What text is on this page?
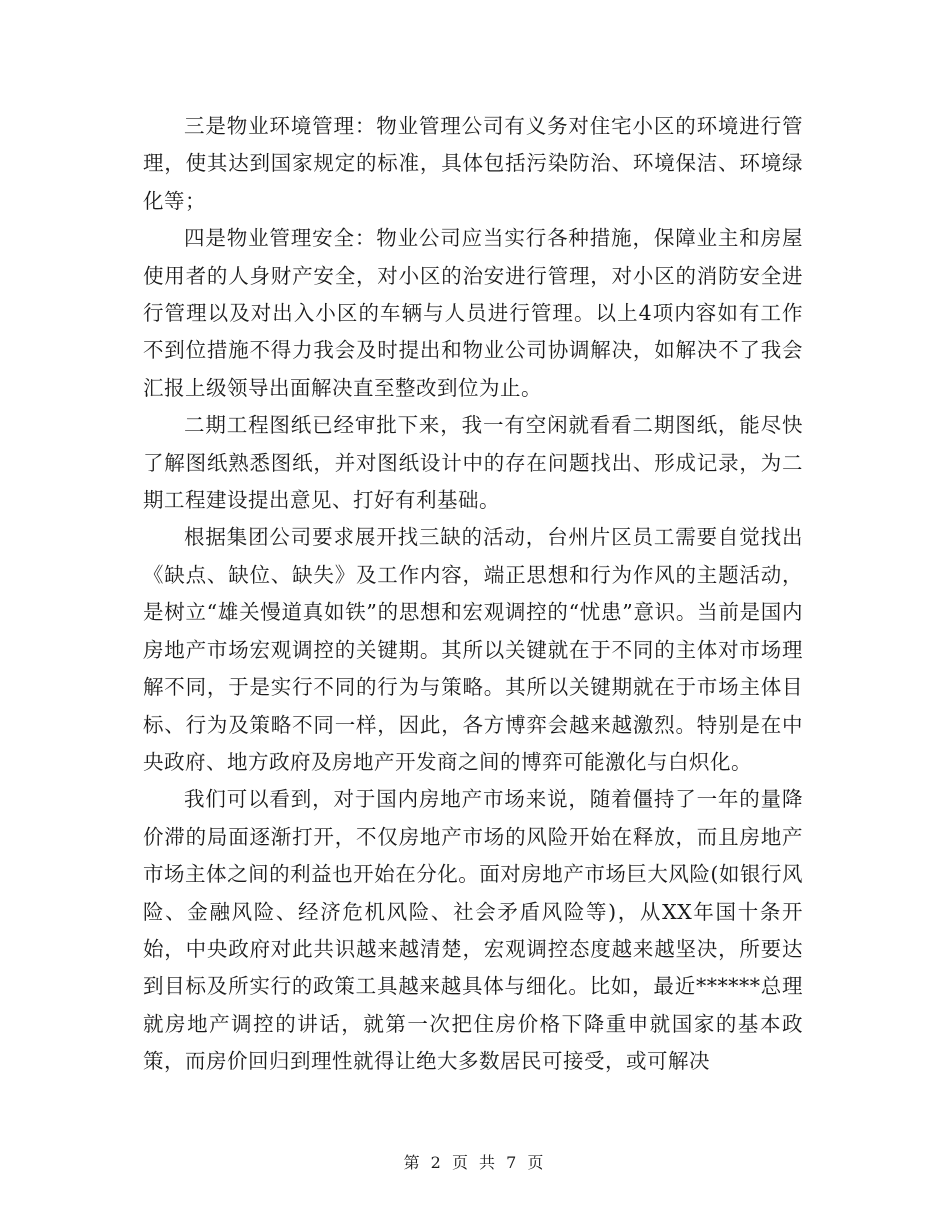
三是物业环境管理：物业管理公司有义务对住宅小区的环境进行管理，使其达到国家规定的标准，具体包括污染防治、环境保洁、环境绿化等；

四是物业管理安全：物业公司应当实行各种措施，保障业主和房屋使用者的人身财产安全，对小区的治安进行管理，对小区的消防安全进行管理以及对出入小区的车辆与人员进行管理。以上4项内容如有工作不到位措施不得力我会及时提出和物业公司协调解决，如解决不了我会汇报上级领导出面解决直至整改到位为止。

二期工程图纸已经审批下来，我一有空闲就看看二期图纸，能尽快了解图纸熟悉图纸，并对图纸设计中的存在问题找出、形成记录，为二期工程建设提出意见、打好有利基础。

根据集团公司要求展开找三缺的活动，台州片区员工需要自觉找出《缺点、缺位、缺失》及工作内容，端正思想和行为作风的主题活动，是树立“雄关慢道真如铁”的思想和宏观调控的“忧患”意识。当前是国内房地产市场宏观调控的关键期。其所以关键就在于不同的主体对市场理解不同，于是实行不同的行为与策略。其所以关键期就在于市场主体目标、行为及策略不同一样，因此，各方博弈会越来越激烈。特别是在中央政府、地方政府及房地产开发商之间的博弈可能激化与白炽化。

我们可以看到，对于国内房地产市场来说，随着僵持了一年的量降价滞的局面逐渐打开，不仅房地产市场的风险开始在释放，而且房地产市场主体之间的利益也开始在分化。面对房地产市场巨大风险(如银行风险、金融风险、经济危机风险、社会矛盾风险等)，从XX年国十条开始，中央政府对此共识越来越清楚，宏观调控态度越来越坚决，所要达到目标及所实行的政策工具越来越具体与细化。比如，最近******总理就房地产调控的讲话，就第一次把住房价格下降重申就国家的基本政策，而房价回归到理性就得让绝大多数居民可接受，或可解决

第 2 页 共 7 页
